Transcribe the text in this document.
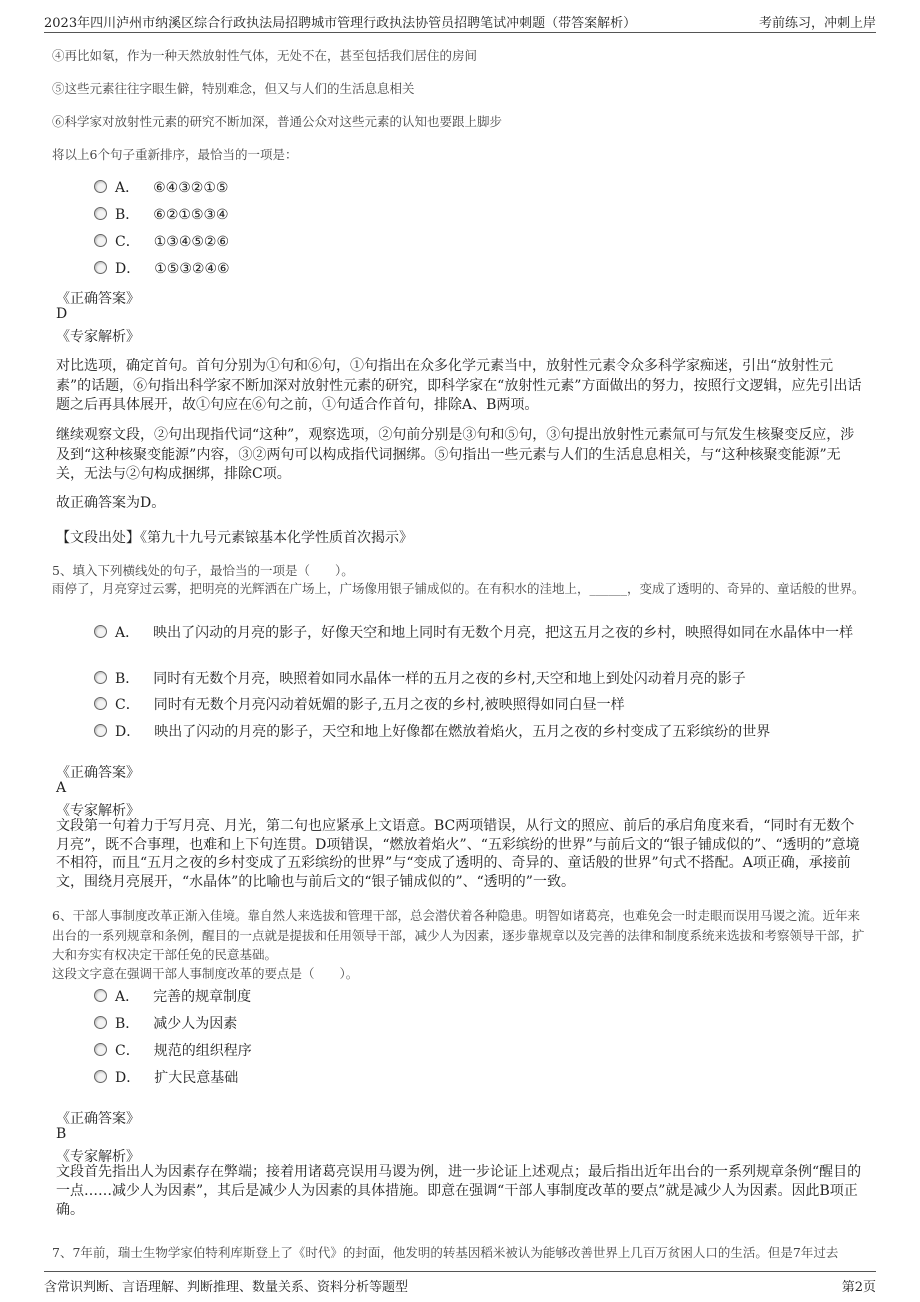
2023年四川泸州市纳溪区综合行政执法局招聘城市管理行政执法协管员招聘笔试冲刺题（带答案解析）	考前练习，冲刺上岸
④再比如氡，作为一种天然放射性气体，无处不在，甚至包括我们居住的房间
⑤这些元素往往字眼生僻，特别难念，但又与人们的生活息息相关
⑥科学家对放射性元素的研究不断加深，普通公众对这些元素的认知也要跟上脚步
将以上6个句子重新排序，最恰当的一项是：
A． ⑥④③②①⑤
B． ⑥②①⑤③④
C． ①③④⑤②⑥
D． ①⑤③②④⑥
《正确答案》
D
《专家解析》
对比选项，确定首句。首句分别为①句和⑥句，①句指出在众多化学元素当中，放射性元素令众多科学家痴迷，引出“放射性元素”的话题，⑥句指出科学家不断加深对放射性元素的研究，即科学家在“放射性元素”方面做出的努力，按照行文逻辑，应先引出话题之后再具体展开，故①句应在⑥句之前，①句适合作首句，排除A、B两项。
继续观察文段，②句出现指代词“这种”，观察选项，②句前分别是③句和⑤句，③句提出放射性元素氚可与氘发生核聚变反应，涉及到“这种核聚变能源”内容，③②两句可以构成指代词捆绑。⑤句指出一些元素与人们的生活息息相关，与“这种核聚变能源”无关，无法与②句构成捆绑，排除C项。
故正确答案为D。
【文段出处】《第九十九号元素锿基本化学性质首次揭示》
5、填入下列横线处的句子，最恰当的一项是（　　）。
雨停了，月亮穿过云雾，把明亮的光辉洒在广场上，广场像用银子铺成似的。在有积水的洼地上，______，变成了透明的、奇异的、童话般的世界。
A． 映出了闪动的月亮的影子，好像天空和地上同时有无数个月亮，把这五月之夜的乡村，映照得如同在水晶体中一样
B． 同时有无数个月亮，映照着如同水晶体一样的五月之夜的乡村,天空和地上到处闪动着月亮的影子
C． 同时有无数个月亮闪动着妩媚的影子,五月之夜的乡村,被映照得如同白昼一样
D． 映出了闪动的月亮的影子，天空和地上好像都在燃放着焰火，五月之夜的乡村变成了五彩缤纷的世界
《正确答案》
A
《专家解析》
文段第一句着力于写月亮、月光，第二句也应紧承上文语意。BC两项错误，从行文的照应、前后的承启角度来看，“同时有无数个月亮”，既不合事理，也难和上下句连贯。D项错误，“燃放着焰火”、“五彩缤纷的世界”与前后文的“银子铺成似的”、“透明的”意境不相符，而且“五月之夜的乡村变成了五彩缤纷的世界”与“变成了透明的、奇异的、童话般的世界”句式不搭配。A项正确，承接前文，围绕月亮展开，“水晶体”的比喻也与前后文的“银子铺成似的”、“透明的”一致。
6、干部人事制度改革正渐入佳境。靠自然人来选拔和管理干部，总会潜伏着各种隐患。明智如诸葛亮，也难免会一时走眼而误用马谡之流。近年来出台的一系列规章和条例，醒目的一点就是提拔和任用领导干部，减少人为因素，逐步靠规章以及完善的法律和制度系统来选拔和考察领导干部，扩大和夯实有权决定干部任免的民意基础。
这段文字意在强调干部人事制度改革的要点是（　　）。
A． 完善的规章制度
B． 减少人为因素
C． 规范的组织程序
D． 扩大民意基础
《正确答案》
B
《专家解析》
文段首先指出人为因素存在弊端；接着用诸葛亮误用马谡为例，进一步论证上述观点；最后指出近年出台的一系列规章条例“醒目的一点……减少人为因素”，其后是减少人为因素的具体措施。即意在强调“干部人事制度改革的要点”就是减少人为因素。因此B项正确。
7、7年前，瑞士生物学家伯特利库斯登上了《时代》的封面，他发明的转基因稻米被认为能够改善世界上几百万贫困人口的生活。但是7年过去
含常识判断、言语理解、判断推理、数量关系、资料分析等题型	第2页
